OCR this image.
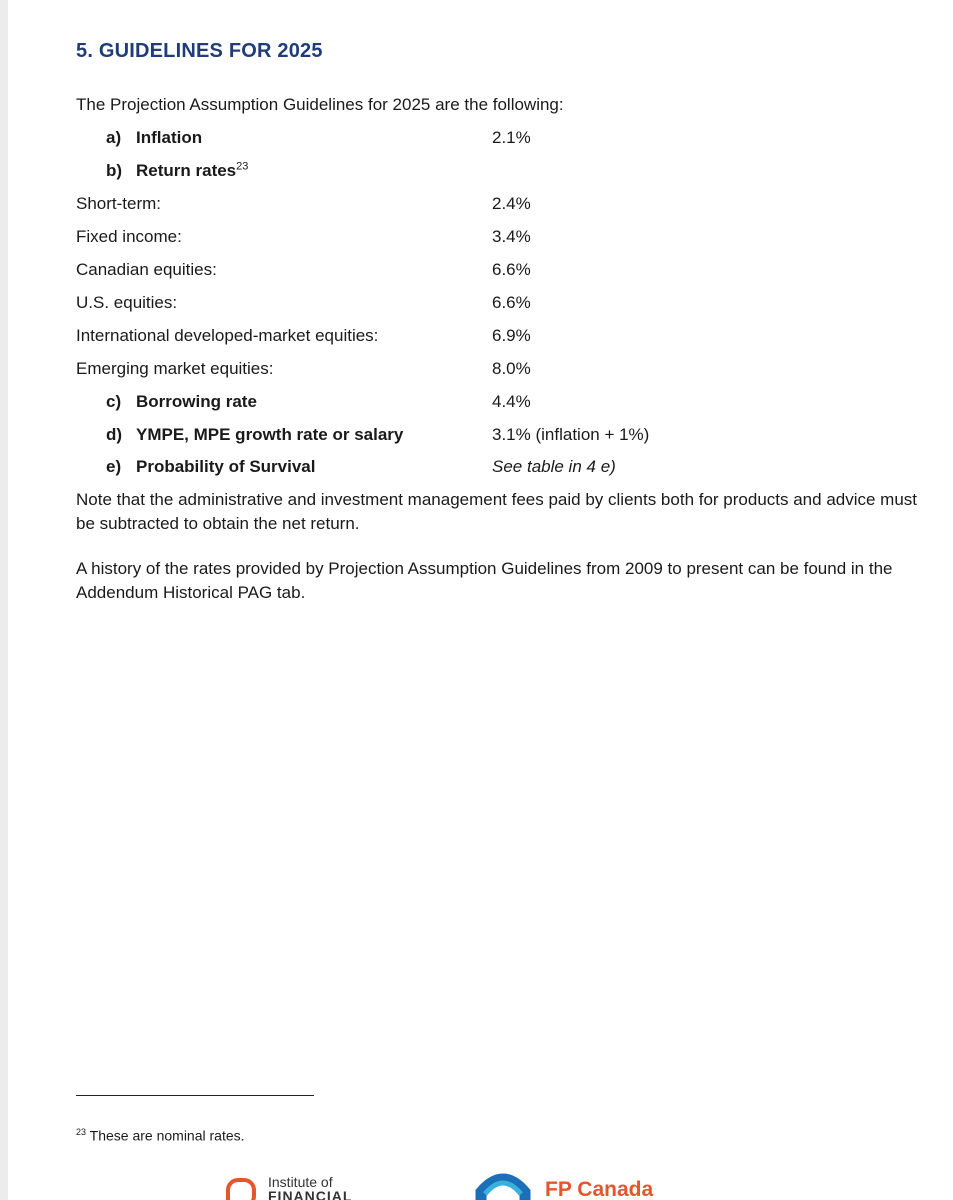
5. GUIDELINES FOR 2025

The Projection Assumption Guidelines for 2025 are the following:

a) Inflation	2.1%
b) Return rates$^{23}$
Short-term:	2.4%
Fixed income:	3.4%
Canadian equities:	6.6%
U.S. equities:	6.6%
International developed-market equities:	6.9%
Emerging market equities:	8.0%
c) Borrowing rate	4.4%
d) YMPE, MPE growth rate or salary	3.1% (inflation + 1%)
e) Probability of Survival	See table in 4 e)

Note that the administrative and investment management fees paid by clients both for products and advice must be subtracted to obtain the net return.

A history of the rates provided by Projection Assumption Guidelines from 2009 to present can be found in the Addendum Historical PAG tab.

$^{23}$ These are nominal rates.

Institute of
FINANCIAL	FP Canada
